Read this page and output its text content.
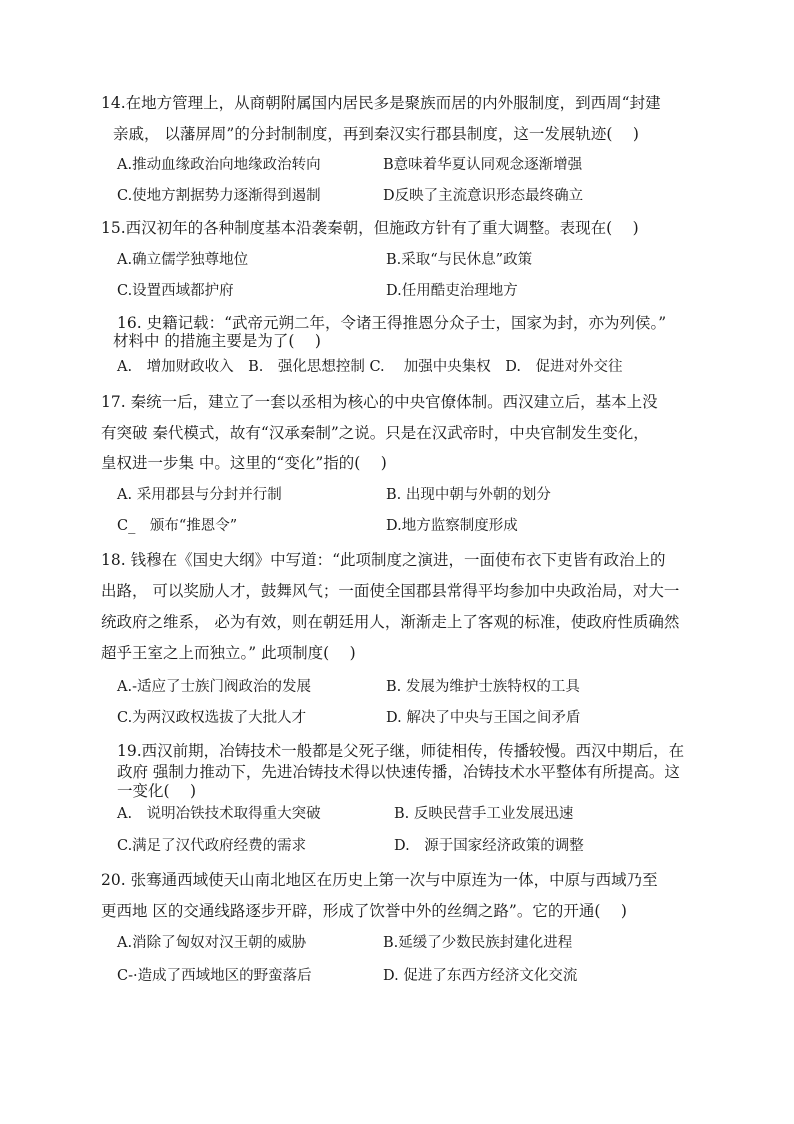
14.在地方管理上，从商朝附属国内居民多是聚族而居的内外服制度，到西周“封建
亲戚， 以藩屏周”的分封制制度，再到秦汉实行郡县制度，这一发展轨迹(　 )
A.推动血缘政治向地缘政治转向	B意味着华夏认同观念逐渐增强
C.使地方割据势力逐渐得到遏制	D反映了主流意识形态最终确立
15.西汉初年的各种制度基本沿袭秦朝，但施政方针有了重大调整。表现在(　 )
A.确立儒学独尊地位	B.采取“与民休息”政策
C.设置西域都护府	D.任用酷吏治理地方
16. 史籍记载：“武帝元朔二年，令诸王得推恩分众子士，国家为封，亦为列侯。”
材料中 的措施主要是为了(　 )
A.　增加财政收入　B.　强化思想控制 C.　 加强中央集权　D.　促进对外交往
17. 秦统一后，建立了一套以丞相为核心的中央官僚体制。西汉建立后，基本上没
有突破 秦代模式，故有“汉承秦制”之说。只是在汉武帝时，中央官制发生变化，
皇权进一步集 中。这里的“变化”指的(　 )
A. 采用郡县与分封并行制	B. 出现中朝与外朝的划分
C_　颁布“推恩令”	D.地方监察制度形成
18. 钱穆在《国史大纲》中写道：“此项制度之演进，一面使布衣下吏皆有政治上的
出路， 可以奖励人才，鼓舞风气；一面使全国郡县常得平均参加中央政治局，对大一
统政府之维系， 必为有效，则在朝廷用人，渐渐走上了客观的标准，使政府性质确然
超乎王室之上而独立。” 此项制度(　 )
A.-适应了士族门阀政治的发展	B. 发展为维护士族特权的工具
C.为两汉政权选拔了大批人才	D. 解决了中央与王国之间矛盾
19.西汉前期，冶铸技术一般都是父死子继，师徒相传，传播较慢。西汉中期后，在
政府 强制力推动下，先进冶铸技术得以快速传播，冶铸技术水平整体有所提高。这
一变化(　 )
A.　说明冶铁技术取得重大突破	B. 反映民营手工业发展迅速
C.满足了汉代政府经费的需求	D.　源于国家经济政策的调整
20. 张骞通西域使天山南北地区在历史上第一次与中原连为一体，中原与西域乃至
更西地 区的交通线路逐步开辟，形成了饮誉中外的丝绸之路”。它的开通(　 )
A.消除了匈奴对汉王朝的威胁	B.延缓了少数民族封建化进程
C-·造成了西域地区的野蛮落后	D. 促进了东西方经济文化交流
